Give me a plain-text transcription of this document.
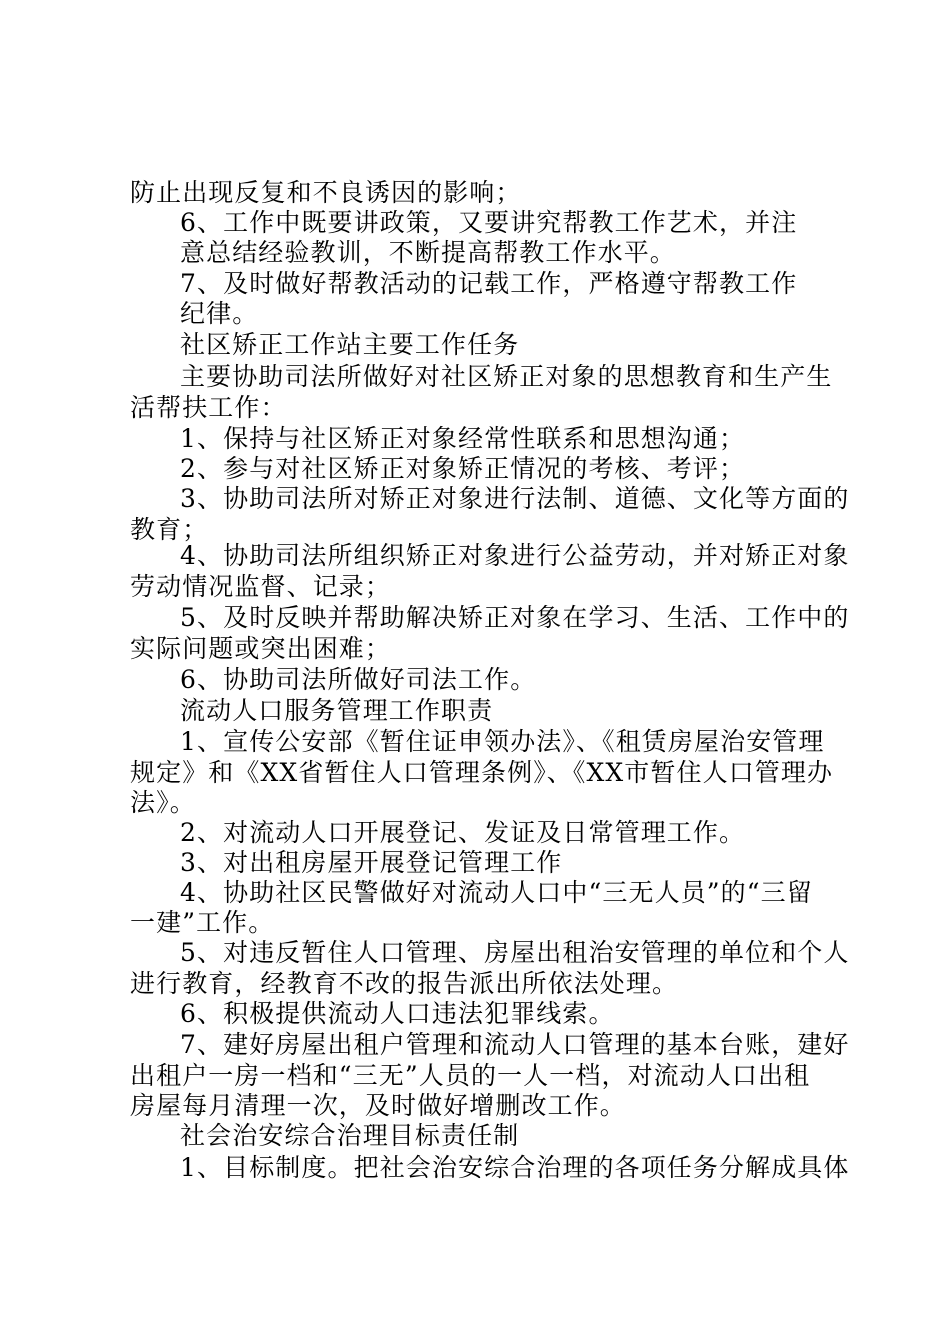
防止出现反复和不良诱因的影响；
6、工作中既要讲政策，又要讲究帮教工作艺术，并注
意总结经验教训，不断提高帮教工作水平。
7、及时做好帮教活动的记载工作，严格遵守帮教工作
纪律。
社区矫正工作站主要工作任务
主要协助司法所做好对社区矫正对象的思想教育和生产生
活帮扶工作：
1、保持与社区矫正对象经常性联系和思想沟通；
2、参与对社区矫正对象矫正情况的考核、考评；
3、协助司法所对矫正对象进行法制、道德、文化等方面的
教育；
4、协助司法所组织矫正对象进行公益劳动，并对矫正对象
劳动情况监督、记录；
5、及时反映并帮助解决矫正对象在学习、生活、工作中的
实际问题或突出困难；
6、协助司法所做好司法工作。
流动人口服务管理工作职责
1、宣传公安部《暂住证申领办法》、《租赁房屋治安管理
规定》和《XX省暂住人口管理条例》、《XX市暂住人口管理办
法》。
2、对流动人口开展登记、发证及日常管理工作。
3、对出租房屋开展登记管理工作
4、协助社区民警做好对流动人口中“三无人员”的“三留
一建”工作。
5、对违反暂住人口管理、房屋出租治安管理的单位和个人
进行教育，经教育不改的报告派出所依法处理。
6、积极提供流动人口违法犯罪线索。
7、建好房屋出租户管理和流动人口管理的基本台账，建好
出租户一房一档和“三无”人员的一人一档，对流动人口出租
房屋每月清理一次，及时做好增删改工作。
社会治安综合治理目标责任制
1、目标制度。把社会治安综合治理的各项任务分解成具体
